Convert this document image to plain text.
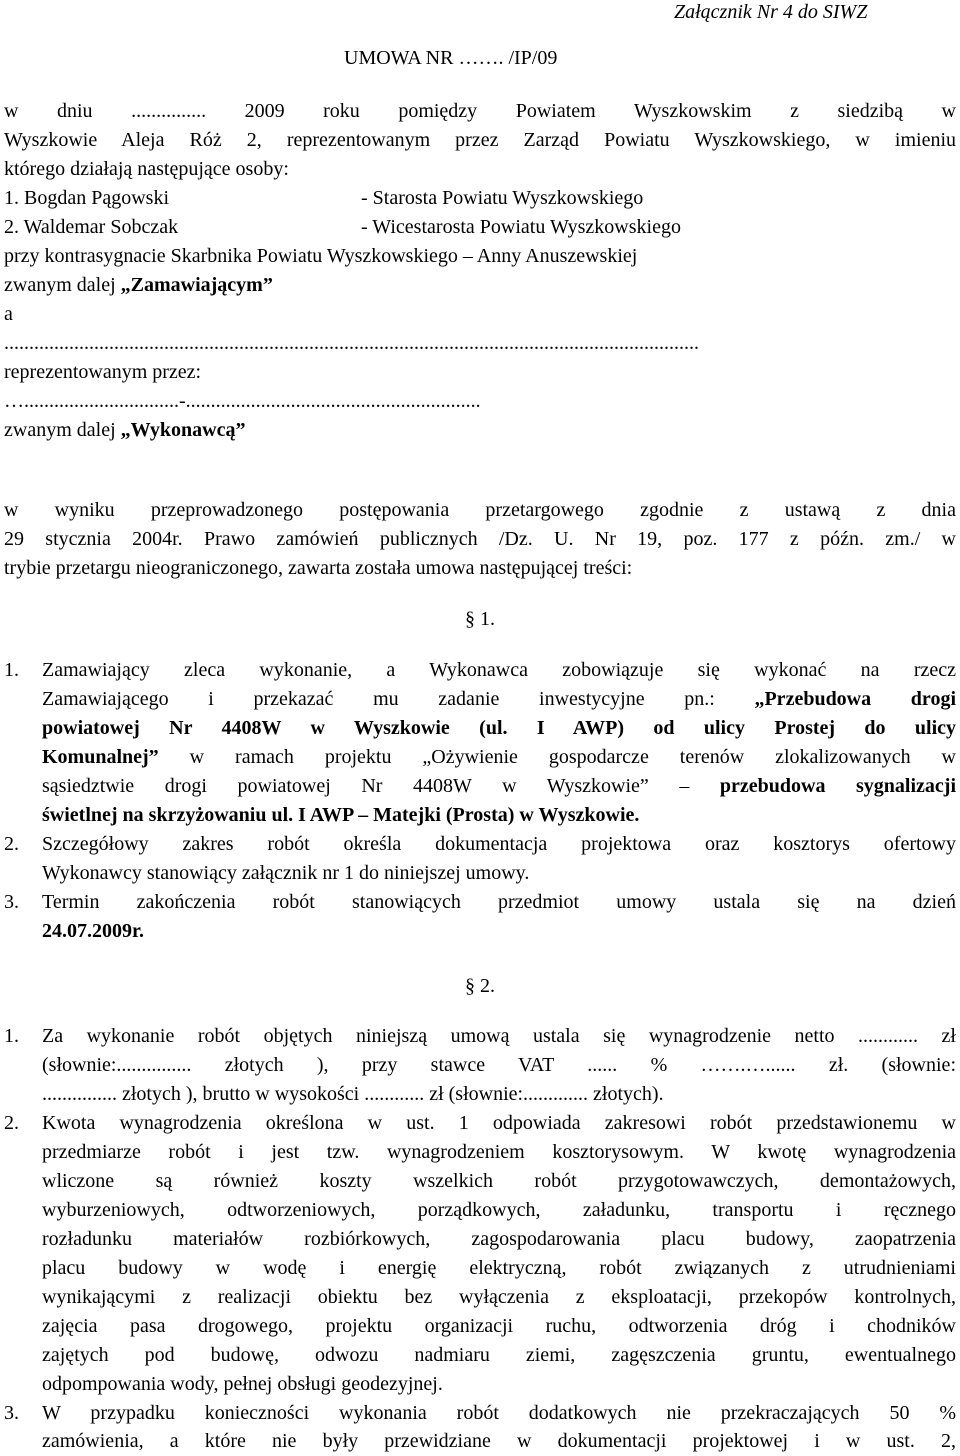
Załącznik Nr 4 do SIWZ
UMOWA NR ……. /IP/09
w dniu ............... 2009 roku pomiędzy Powiatem Wyszkowskim z siedzibą w
Wyszkowie Aleja Róż 2, reprezentowanym przez Zarząd Powiatu Wyszkowskiego, w imieniu
którego działają następujące osoby:
1. Bogdan Pągowski	- Starosta Powiatu Wyszkowskiego
2. Waldemar Sobczak	- Wicestarosta Powiatu Wyszkowskiego
przy kontrasygnacie Skarbnika Powiatu Wyszkowskiego – Anny Anuszewskiej
zwanym dalej „Zamawiającym”
a
...........................................................................................................................................
reprezentowanym przez:
…...............................-...........................................................
zwanym dalej „Wykonawcą”
w wyniku przeprowadzonego postępowania przetargowego zgodnie z ustawą z dnia
29 stycznia 2004r. Prawo zamówień publicznych /Dz. U. Nr 19, poz. 177 z późn. zm./ w
trybie przetargu nieograniczonego, zawarta została umowa następującej treści:
§ 1.
1. Zamawiający zleca wykonanie, a Wykonawca zobowiązuje się wykonać na rzecz
Zamawiającego i przekazać mu zadanie inwestycyjne pn.: „Przebudowa drogi
powiatowej Nr 4408W w Wyszkowie (ul. I AWP) od ulicy Prostej do ulicy
Komunalnej” w ramach projektu „Ożywienie gospodarcze terenów zlokalizowanych w
sąsiedztwie drogi powiatowej Nr 4408W w Wyszkowie” – przebudowa sygnalizacji
świetlnej na skrzyżowaniu ul. I AWP – Matejki (Prosta) w Wyszkowie.
2. Szczegółowy zakres robót określa dokumentacja projektowa oraz kosztorys ofertowy
Wykonawcy stanowiący załącznik nr 1 do niniejszej umowy.
3. Termin zakończenia robót stanowiących przedmiot umowy ustala się na dzień
24.07.2009r.
§ 2.
1. Za wykonanie robót objętych niniejszą umową ustala się wynagrodzenie netto ............ zł
(słownie:............... złotych ), przy stawce VAT ...... % …….…...... zł. (słownie:
............... złotych ), brutto w wysokości ............ zł (słownie:............. złotych).
2. Kwota wynagrodzenia określona w ust. 1 odpowiada zakresowi robót przedstawionemu w
przedmiarze robót i jest tzw. wynagrodzeniem kosztorysowym. W kwotę wynagrodzenia
wliczone są również koszty wszelkich robót przygotowawczych, demontażowych,
wyburzeniowych, odtworzeniowych, porządkowych, załadunku, transportu i ręcznego
rozładunku materiałów rozbiórkowych, zagospodarowania placu budowy, zaopatrzenia
placu budowy w wodę i energię elektryczną, robót związanych z utrudnieniami
wynikającymi z realizacji obiektu bez wyłączenia z eksploatacji, przekopów kontrolnych,
zajęcia pasa drogowego, projektu organizacji ruchu, odtworzenia dróg i chodników
zajętych pod budowę, odwozu nadmiaru ziemi, zagęszczenia gruntu, ewentualnego
odpompowania wody, pełnej obsługi geodezyjnej.
3. W przypadku konieczności wykonania robót dodatkowych nie przekraczających 50 %
zamówienia, a które nie były przewidziane w dokumentacji projektowej i w ust. 2,
